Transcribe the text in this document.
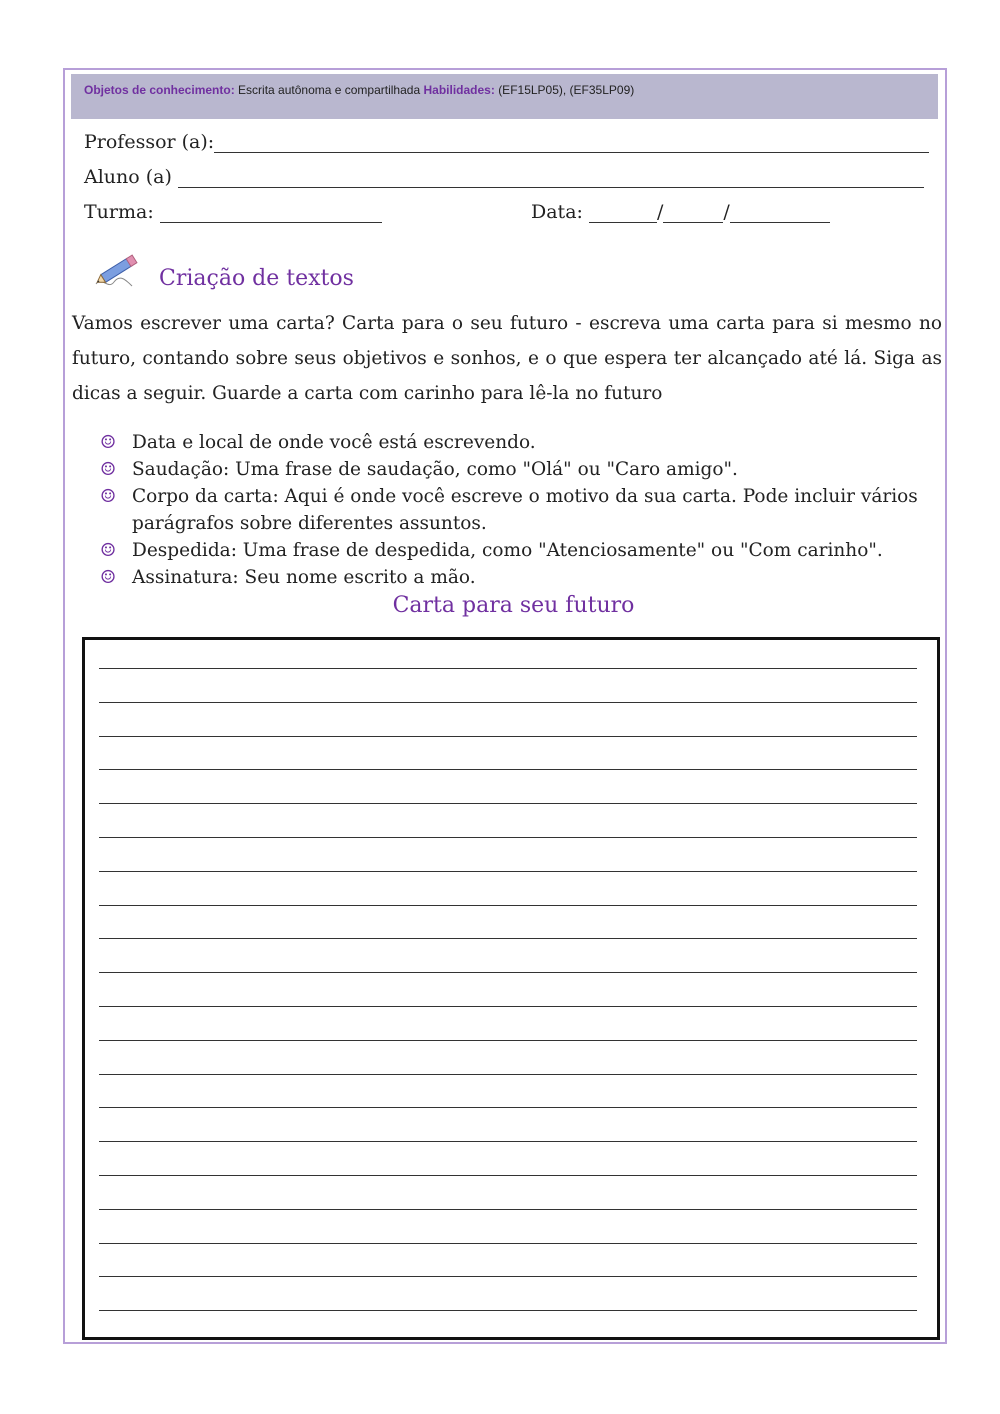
Objetos de conhecimento: Escrita autônoma e compartilhada Habilidades: (EF15LP05), (EF35LP09)
Professor (a):
Aluno (a)
Turma:	Data:	/	/
Criação de textos
Vamos escrever uma carta? Carta para o seu futuro - escreva uma carta para si mesmo no futuro, contando sobre seus objetivos e sonhos, e o que espera ter alcançado até lá. Siga as dicas a seguir. Guarde a carta com carinho para lê-la no futuro
☺ Data e local de onde você está escrevendo.
☺ Saudação: Uma frase de saudação, como "Olá" ou "Caro amigo".
☺ Corpo da carta: Aqui é onde você escreve o motivo da sua carta. Pode incluir vários parágrafos sobre diferentes assuntos.
☺ Despedida: Uma frase de despedida, como "Atenciosamente" ou "Com carinho".
☺ Assinatura: Seu nome escrito a mão.
Carta para seu futuro
